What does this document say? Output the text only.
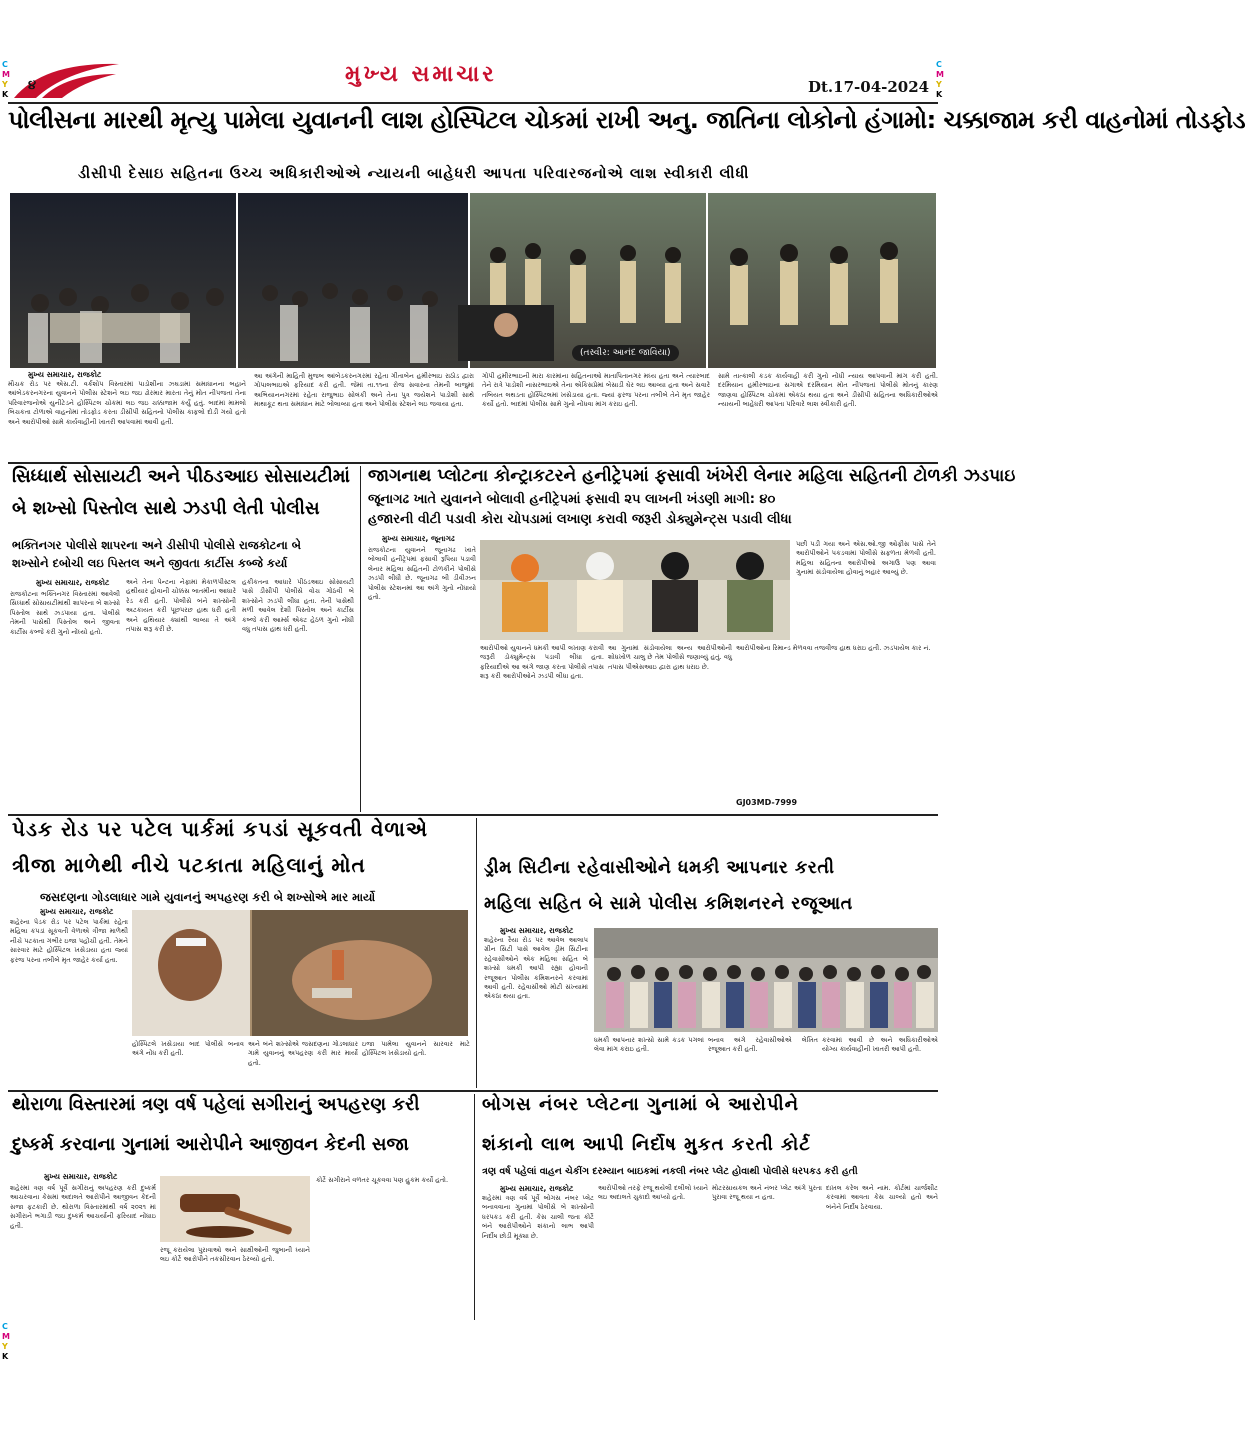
C
M
Y
K
C
M
Y
K
C
M
Y
K
૪	મુખ્ય સમાચાર	Dt.17-04-2024
પોલીસના મારથી મૃત્યુ પામેલા યુવાનની લાશ હોસ્પિટલ ચોકમાં રાખી અનુ. જાતિના લોકોનો હંગામો: ચક્કાજામ કરી વાહનોમાં તોડફોડ
ડીસીપી દેસાઇ સહિતના ઉચ્ચ અધિકારીઓએ ન્યાયની બાહેધરી આપતા પરિવારજનોએ લાશ સ્વીકારી લીધી
(તસ્વીર: આનંદ જાવિયા)
મુખ્ય સમાચાર, રાજકોટ
મૌચક રોડ પર એસ.ટી. વર્કશોપ વિસ્તારમાં પાડોશીના ઝઘડામાં સમાધાનના બહાને આંબેડકરનગરના યુવાનને પોલીસ સ્ટેશને લઇ જઇ ઢોરમાર મારતા તેનું મોત નીપજતાં તેના પરિવારજનોએ યુનીટેડને હોસ્પિટલ ચોકમાં લઇ જઇ ચક્કાજામ કર્યું હતું. બાદમાં મામલો બિચકતા ટોળાએ વાહનોમાં તોડફોડ કરતા ડીસીપી સહિતનો પોલીસ કાફલો દોડી ગયો હતો અને આરોપીઓ સામે કાર્યવાહીની ખાતરી આપવામાં આવી હતી.
આ અંગેની માહિતી મુજબ આંબેડકરનગરમાં રહેતા ગીતાબેન હમીરભાઇ રાઠોડ દ્વારા ગોપાલભાઇએ ફરિયાદ કરી હતી. જેમાં તા.૧૧ના રોજ સવારના તેમની બાજુમાં અભિયાનનગરમાં રહેતા રાજુભાઇ સોલંકી અને તેના પુત્ર જયેશને પાડોશી સાથે માથાકૂટ થતા સમાધાન માટે બોલાવ્યા હતા અને પોલીસ સ્ટેશને લઇ જવાયા હતા.
ગોપી હમીરભાઇની મારા કારમાંના સહિતનાઓ માતાપિતાનગર મધ્ય હતા અને ત્યારબાદ તેને રાત્રે પાડોશી નાસરભાઇએ તેના એકિસપ્રેમાં બેસાડી ઘેર લઇ આવ્યા હતા અને સવારે તબિયત લથડતા હોસ્પિટલમાં ખસેડાયા હતા. જ્યાં ફરજ પરના તબીબે તેને મૃત જાહેર કર્યો હતો. બાદમાં પોલીસ સામે ગુનો નોંધવા માંગ કરાઇ હતી.
સામે તાત્કાલી કડક કાર્યવાહી કરી ગુનો નોંધી ન્યાય આપવાની માંગ કરી હતી. દરમિયાન હમીરભાઇના સગાએ દરમિયાન મોત નીપજતાં પોલીસે મોતનું કારણ જાણવા હોસ્પિટલ ચોકમાં એકઠા થયા હતા અને ડીસીપી સહિતના અધિકારીઓએ ન્યાયની બાહેધરી આપતા પરિવારે લાશ સ્વીકારી હતી.
સિધ્ધાર્થ સોસાયટી અને પીઠડઆઇ સોસાયટીમાં
બે શખ્સો પિસ્તોલ સાથે ઝડપી લેતી પોલીસ
ભક્તિનગર પોલીસે શાપરના અને ડીસીપી પોલીસે રાજકોટના બે
શખ્સોને દબોચી લઇ પિસ્તલ અને જીવતા કાર્ટીસ કબ્જે કર્યા
મુખ્ય સમાચાર, રાજકોટ
રાજકોટના ભક્તિનગર વિસ્તારમાં આવેલી સિધ્ધાર્થ સોસાયટીમાંથી શાપરના બે શખ્સો પિસ્તોલ સાથે ઝડપાયા હતા. પોલીસે તેમની પાસેથી પિસ્તોલ અને જીવતા કાર્ટીસ કબ્જે કરી ગુનો નોંધ્યો હતો.
અને તેના પેન્ટના નેફામાં મેકાળપીસ્ટલ હથીયાર હોવાની ચોક્કસ બાતમીના આધારે રેડ કરી હતી. પોલીસે બંને શખ્સોની અટકાયત કરી પૂછપરછ હાથ ધરી હતી અને હથિયાર ક્યાંથી લાવ્યા તે અંગે તપાસ શરૂ કરી છે.
હકીકતના આધારે પીઠડઆઇ સોસાયટી પાસે ડીસીપી પોલીસે વોચ ગોઠવી બે શખ્સોને ઝડપી લીધા હતા. તેની પાસેથી મળી આવેલ દેશી પિસ્તોલ અને કાર્ટીસ કબ્જે કરી આર્મ્સ એક્ટ હેઠળ ગુનો નોંધી વધુ તપાસ હાથ ધરી હતી.
જાગનાથ પ્લોટના કોન્ટ્રાકટરને હનીટ્રેપમાં ફસાવી ખંખેરી લેનાર મહિલા સહિતની ટોળકી ઝડપાઇ
જૂનાગઢ ખાતે યુવાનને બોલાવી હનીટ્રેપમાં ફસાવી ૨૫ લાખની ખંડણી માગી: ૪૦
હજારની વીટી પડાવી કોરા ચોપડામાં લખાણ કરાવી જરૂરી ડોક્યુમેન્ટ્સ પડાવી લીધા
મુખ્ય સમાચાર, જૂનાગઢ
રાજકોટના યુવાનને જૂનાગઢ ખાતે બોલાવી હનીટ્રેપમાં ફસાવી રૂપિયા પડાવી લેનાર મહિલા સહિતની ટોળકીને પોલીસે ઝડપી લીધી છે. જૂનાગઢ બી ડીવીઝન પોલીસ સ્ટેશનમાં આ અંગે ગુનો નોંધાયો હતો.
પછી પડી ગયા અને એસ.ઓ.જી ઓફીસ પાસે તેને આરોપીઓને પકડવામાં પોલીસે સફળતા મેળવી હતી. મહિલા સહિતના આરોપીઓ અગાઉ પણ આવા ગુનામાં સંડોવાયેલા હોવાનું બહાર આવ્યું છે.
આરોપીઓ યુવાનને ધમકી આપી લખાણ કરાવી જરૂરી ડોક્યુમેન્ટ્સ પડાવી લીધા હતા. ફરિયાદીએ આ અંગે જાણ કરતા પોલીસે તપાસ શરૂ કરી આરોપીઓને ઝડપી લીધા હતા.
આ ગુનામાં સંડોવાયેલા અન્ય આરોપીઓની શોધખોળ ચાલુ છે તેમ પોલીસે જણાવ્યું હતું. વધુ તપાસ પીએસઆઇ દ્વારા હાથ ધરાઇ છે.
આરોપીઓના રિમાન્ડ મેળવવા તજવીજ હાથ ધરાઇ હતી. ઝડપાયેલ કાર નં.
GJ03MD-7999
પેડક રોડ પર પટેલ પાર્કમાં કપડાં સૂકવતી વેળાએ
ત્રીજા માળેથી નીચે પટકાતા મહિલાનું મોત
જસદણના ગોડલાધાર ગામે યુવાનનું અપહરણ કરી બે શખ્સોએ માર માર્યો
મુખ્ય સમાચાર, રાજકોટ
શહેરના પેડક રોડ પર પટેલ પાર્કમાં રહેતા મહિલા કપડાં સૂકવતી વેળાએ ત્રીજા માળેથી નીચે પટકાતા ગંભીર ઇજા પહોંચી હતી. તેમને સારવાર માટે હોસ્પિટલ ખસેડાયા હતા જ્યાં ફરજ પરના તબીબે મૃત જાહેર કર્યા હતા.
હોસ્પિટલે ખસેડાયા બાદ પોલીસે બનાવ અંગે નોંધ કરી હતી.
અને બંને શખ્સોએ જસદણના ગોડલાધાર ગામે યુવાનનું અપહરણ કરી માર માર્યો હતો.
ઇજા પામેલા યુવાનને સારવાર માટે હોસ્પિટલ ખસેડાયો હતો.
ડ્રીમ સિટીના રહેવાસીઓને ધમકી આપનાર કરતી
મહિલા સહિત બે સામે પોલીસ કમિશનરને રજૂઆત
મુખ્ય સમાચાર, રાજકોટ
શહેરના રૈયા રોડ પર આવેલ આલાપ ગ્રીન સિટી પાસે આવેલ ડ્રીમ સિટીના રહેવાસીઓને એક મહિલા સહિત બે શખ્સો ધમકી આપી રહ્યા હોવાની રજૂઆત પોલીસ કમિશનરને કરવામાં આવી હતી. રહેવાસીઓ મોટી સંખ્યામાં એકઠા થયા હતા.
ધમકી આપનાર શખ્સો સામે કડક પગલાં લેવા માંગ કરાઇ હતી.
બનાવ અંગે રહેવાસીઓએ લેખિત રજૂઆત કરી હતી.
કરવામાં આવી છે અને અધિકારીઓએ યોગ્ય કાર્યવાહીની ખાતરી આપી હતી.
થોરાળા વિસ્તારમાં ત્રણ વર્ષ પહેલાં સગીરાનું અપહરણ કરી
દુષ્કર્મ કરવાના ગુનામાં આરોપીને આજીવન કેદની સજા
મુખ્ય સમાચાર, રાજકોટ
શહેરમાં ત્રણ વર્ષ પૂર્વે સગીરાનું અપહરણ કરી દુષ્કર્મ આચરવાના કેસમાં અદાલતે આરોપીને આજીવન કેદની સજા ફટકારી છે. થોરાળા વિસ્તારમાંથી વર્ષ ૨૦૨૧ માં સગીરાને ભગાડી જઇ દુષ્કર્મ આચર્યાની ફરિયાદ નોંધાઇ હતી.
રજૂ કરાયેલા પુરાવાઓ અને સાક્ષીઓની જુબાની ધ્યાને લઇ કોર્ટે આરોપીને તકસીરવાન ઠેરવ્યો હતો.
કોર્ટે સગીરાને વળતર ચૂકવવા પણ હુકમ કર્યો હતો.
બોગસ નંબર પ્લેટના ગુનામાં બે આરોપીને
શંકાનો લાભ આપી નિર્દોષ મુકત કરતી કોર્ટ
ત્રણ વર્ષ પહેલાં વાહન ચેકીંગ દરમ્યાન બાઇકમાં નકલી નંબર પ્લેટ હોવાથી પોલીસે ધરપકડ કરી હતી
મુખ્ય સમાચાર, રાજકોટ
શહેરમાં ત્રણ વર્ષ પૂર્વે બોગસ નંબર પ્લેટ બનાવવાના ગુનામાં પોલીસે બે શખ્સોની ધરપકડ કરી હતી. કેસ ચાલી જતા કોર્ટે બંને આરોપીઓને શંકાનો લાભ આપી નિર્દોષ છોડી મૂક્યા છે.
આરોપીઓ તરફે રજૂ થયેલી દલીલો ધ્યાને લઇ અદાલતે ચુકાદો આપ્યો હતો.
મોટરસાયકલ અને નંબર પ્લેટ અંગે પુરતા પુરાવા રજૂ થયા ન હતા.
દાખલ કરેલ અને નામ. કોર્ટમાં ચાર્જશીટ કરવામાં આવતા કેસ ચાલ્યો હતો અને બંનેને નિર્દોષ ઠેરવાયા.
